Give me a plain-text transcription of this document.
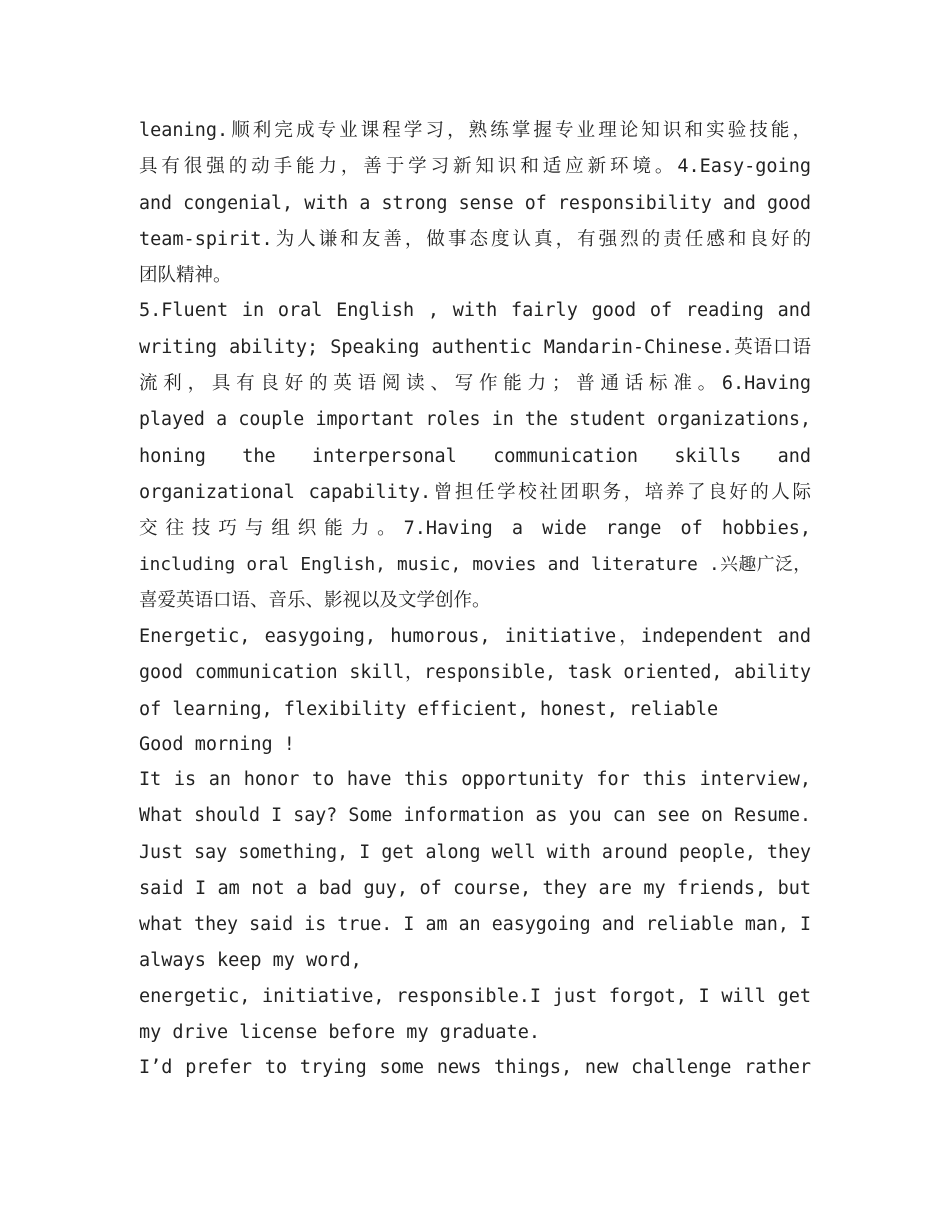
leaning.顺利完成专业课程学习，熟练掌握专业理论知识和实验技能，
具有很强的动手能力，善于学习新知识和适应新环境。4.Easy-going
and congenial, with a strong sense of responsibility and good
team-spirit.为人谦和友善，做事态度认真，有强烈的责任感和良好的
团队精神。
5.Fluent in oral English , with fairly good of reading and
writing ability; Speaking authentic Mandarin-Chinese.英语口语
流利，具有良好的英语阅读、写作能力；普通话标准。6.Having
played a couple important roles in the student organizations,
honing the interpersonal communication skills and
organizational capability.曾担任学校社团职务，培养了良好的人际
交往技巧与组织能力。7.Having a wide range of hobbies,
including oral English, music, movies and literature .兴趣广泛，
喜爱英语口语、音乐、影视以及文学创作。
Energetic, easygoing, humorous, initiative，independent and
good communication skill，responsible, task oriented, ability
of learning, flexibility efficient, honest, reliable
Good morning !
It is an honor to have this opportunity for this interview,
What should I say? Some information as you can see on Resume.
Just say something, I get along well with around people, they
said I am not a bad guy, of course, they are my friends, but
what they said is true. I am an easygoing and reliable man, I
always keep my word,
energetic, initiative, responsible.I just forgot, I will get
my drive license before my graduate.
I’d prefer to trying some news things, new challenge rather
